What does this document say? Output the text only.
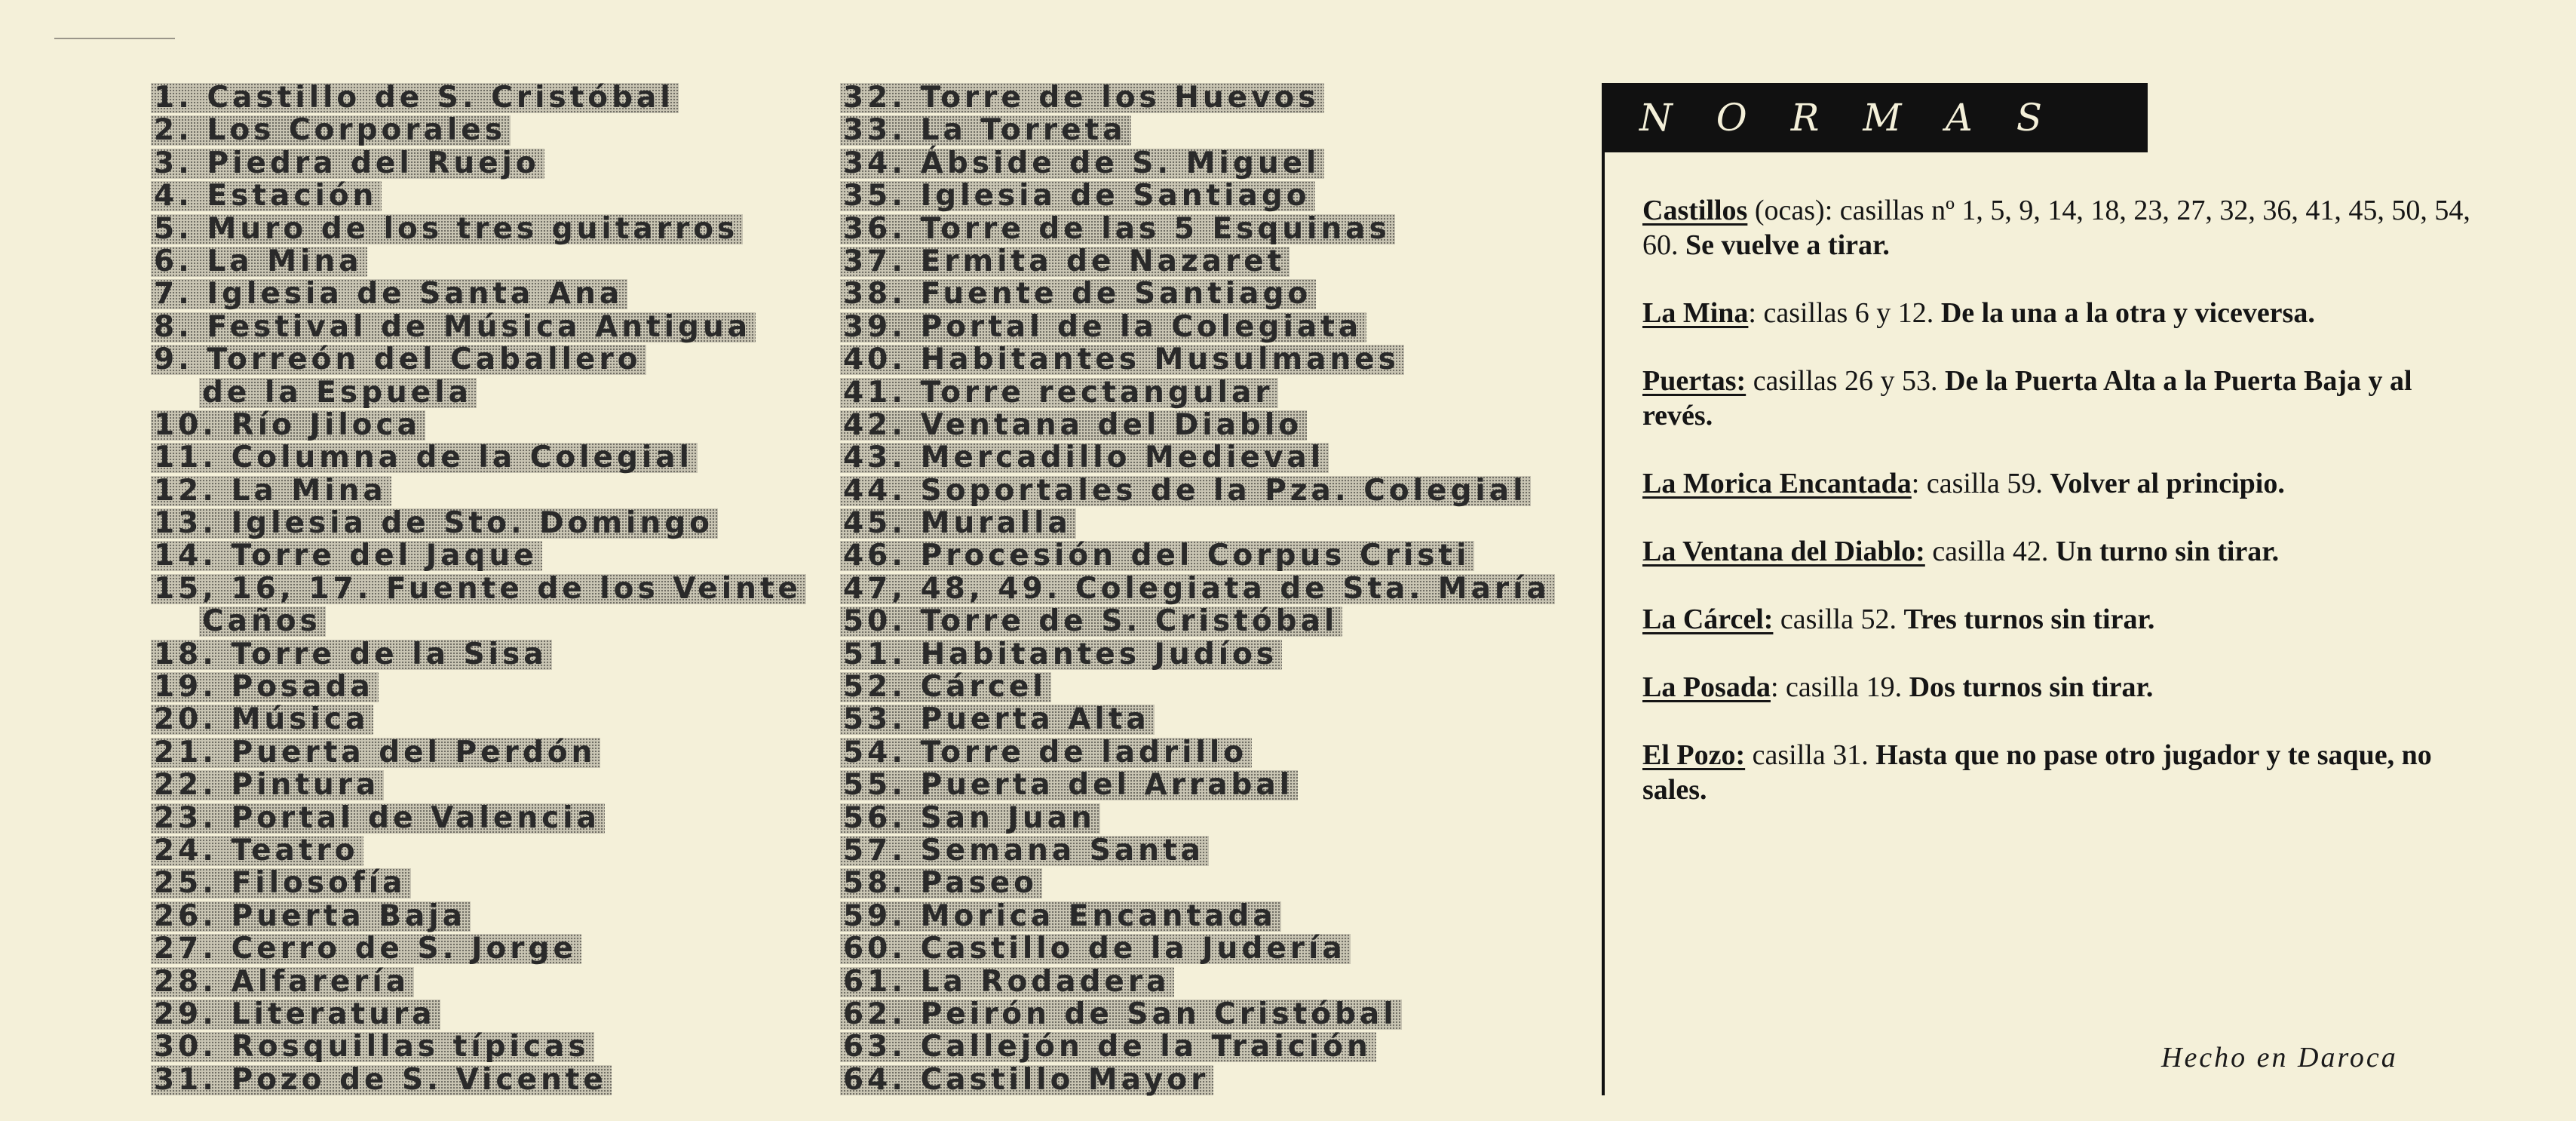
1. Castillo de S. Cristóbal
2. Los Corporales
3. Piedra del Ruejo
4. Estación
5. Muro de los tres guitarros
6. La Mina
7. Iglesia de Santa Ana
8. Festival de Música Antigua
9. Torreón del Caballero
de la Espuela
10. Río Jiloca
11. Columna de la Colegial
12. La Mina
13. Iglesia de Sto. Domingo
14. Torre del Jaque
15, 16, 17. Fuente de los Veinte
Caños
18. Torre de la Sisa
19. Posada
20. Música
21. Puerta del Perdón
22. Pintura
23. Portal de Valencia
24. Teatro
25. Filosofía
26. Puerta Baja
27. Cerro de S. Jorge
28. Alfarería
29. Literatura
30. Rosquillas típicas
31. Pozo de S. Vicente
32. Torre de los Huevos
33. La Torreta
34. Ábside de S. Miguel
35. Iglesia de Santiago
36. Torre de las 5 Esquinas
37. Ermita de Nazaret
38. Fuente de Santiago
39. Portal de la Colegiata
40. Habitantes Musulmanes
41. Torre rectangular
42. Ventana del Diablo
43. Mercadillo Medieval
44. Soportales de la Pza. Colegial
45. Muralla
46. Procesión del Corpus Cristi
47, 48, 49. Colegiata de Sta. María
50. Torre de S. Cristóbal
51. Habitantes Judíos
52. Cárcel
53. Puerta Alta
54. Torre de ladrillo
55. Puerta del Arrabal
56. San Juan
57. Semana Santa
58. Paseo
59. Morica Encantada
60. Castillo de la Judería
61. La Rodadera
62. Peirón de San Cristóbal
63. Callejón de la Traición
64. Castillo Mayor
NORMAS
Castillos (ocas): casillas nº 1, 5, 9, 14, 18, 23, 27, 32, 36, 41, 45, 50, 54, 60. Se vuelve a tirar.
La Mina: casillas 6 y 12. De la una a la otra y viceversa.
Puertas: casillas 26 y 53. De la Puerta Alta a la Puerta Baja y al revés.
La Morica Encantada: casilla 59. Volver al principio.
La Ventana del Diablo: casilla 42. Un turno sin tirar.
La Cárcel: casilla 52. Tres turnos sin tirar.
La Posada: casilla 19. Dos turnos sin tirar.
El Pozo: casilla 31. Hasta que no pase otro jugador y te saque, no sales.
Hecho en Daroca
